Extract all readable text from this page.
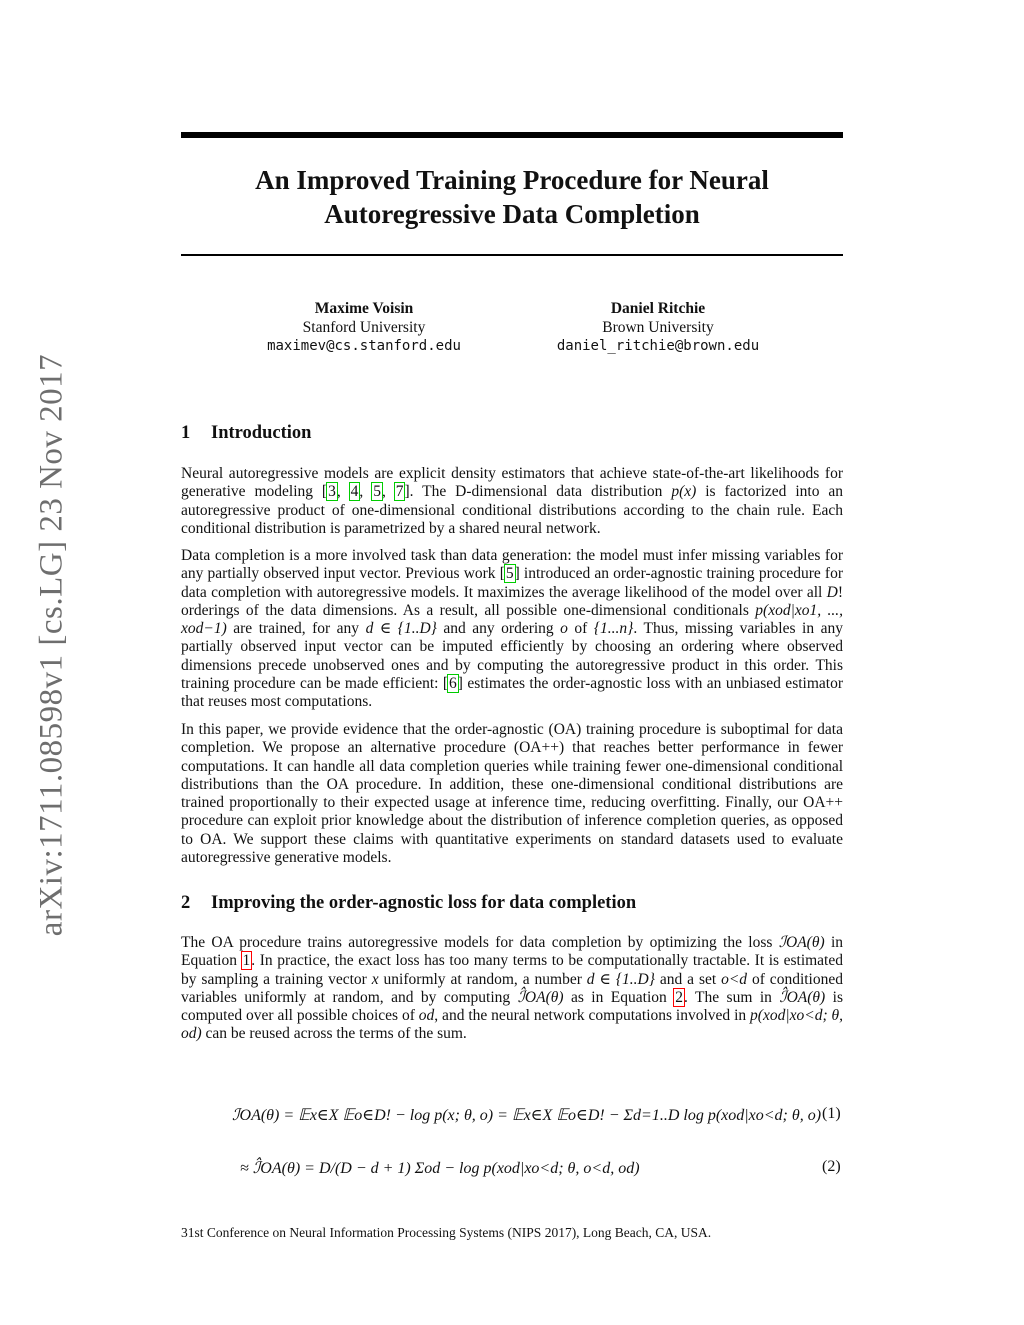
arXiv:1711.08598v1 [cs.LG] 23 Nov 2017
An Improved Training Procedure for Neural
Autoregressive Data Completion
Maxime Voisin
Stanford University
maximev@cs.stanford.edu
Daniel Ritchie
Brown University
daniel_ritchie@brown.edu
1 Introduction

Neural autoregressive models are explicit density estimators that achieve state-of-the-art likelihoods for generative modeling [3, 4, 5, 7]. The D-dimensional data distribution p(x) is factorized into an autoregressive product of one-dimensional conditional distributions according to the chain rule. Each conditional distribution is parametrized by a shared neural network.

Data completion is a more involved task than data generation: the model must infer missing variables for any partially observed input vector. Previous work [5] introduced an order-agnostic training procedure for data completion with autoregressive models. It maximizes the average likelihood of the model over all D! orderings of the data dimensions. As a result, all possible one-dimensional conditionals p(xod|xo1, ..., xod−1) are trained, for any d ∈ {1..D} and any ordering o of {1...n}. Thus, missing variables in any partially observed input vector can be imputed efficiently by choosing an ordering where observed dimensions precede unobserved ones and by computing the autoregressive product in this order. This training procedure can be made efficient: [6] estimates the order-agnostic loss with an unbiased estimator that reuses most computations.

In this paper, we provide evidence that the order-agnostic (OA) training procedure is suboptimal for data completion. We propose an alternative procedure (OA++) that reaches better performance in fewer computations. It can handle all data completion queries while training fewer one-dimensional conditional distributions than the OA procedure. In addition, these one-dimensional conditional distributions are trained proportionally to their expected usage at inference time, reducing overfitting. Finally, our OA++ procedure can exploit prior knowledge about the distribution of inference completion queries, as opposed to OA. We support these claims with quantitative experiments on standard datasets used to evaluate autoregressive generative models.

2 Improving the order-agnostic loss for data completion

The OA procedure trains autoregressive models for data completion by optimizing the loss ℐOA(θ) in Equation 1. In practice, the exact loss has too many terms to be computationally tractable. It is estimated by sampling a training vector x uniformly at random, a number d ∈ {1..D} and a set o<d of conditioned variables uniformly at random, and by computing ℐ̂OA(θ) as in Equation 2. The sum in ℐ̂OA(θ) is computed over all possible choices of od, and the neural network computations involved in p(xod|xo<d; θ, od) can be reused across the terms of the sum.

ℐOA(θ) = 𝔼x∈X 𝔼o∈D! − log p(x; θ, o) = 𝔼x∈X 𝔼o∈D! − Σd=1..D log p(xod|xo<d; θ, o) (1)
≈ ℐ̂OA(θ) = D/(D − d + 1) Σod − log p(xod|xo<d; θ, o<d, od)	(2)
31st Conference on Neural Information Processing Systems (NIPS 2017), Long Beach, CA, USA.
